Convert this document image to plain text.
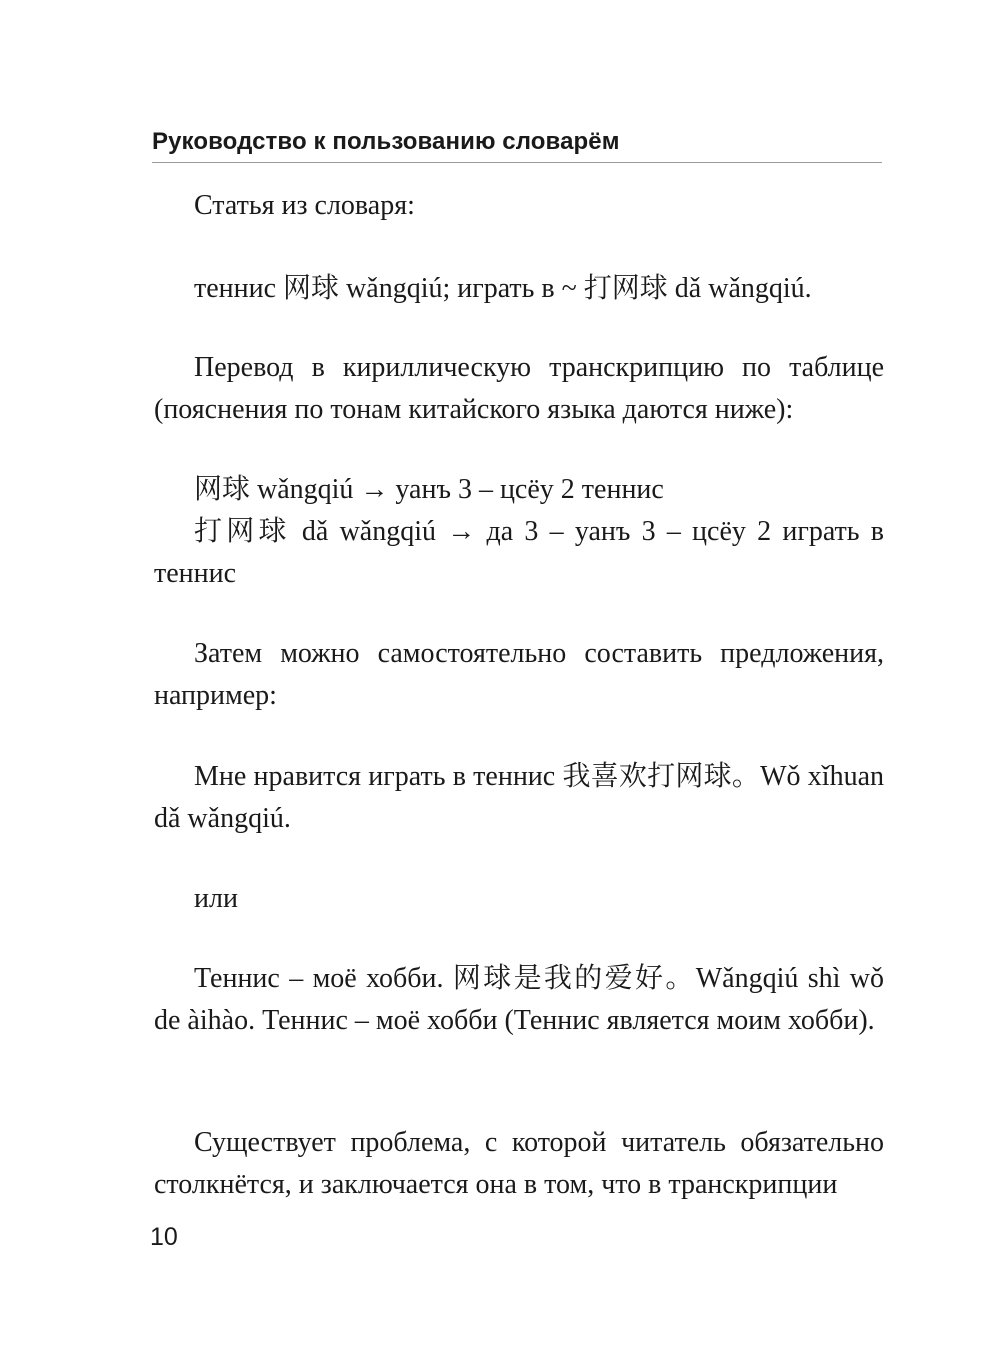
Руководство к пользованию словарём

Статья из словаря:

теннис 网球 wǎngqiú; играть в ~ 打网球 dǎ wǎngqiú.

Перевод в кириллическую транскрипцию по таблице (пояснения по тонам китайского языка даются ниже):

网球 wǎngqiú → уанъ 3 – цсёу 2 теннис

打网球 dǎ wǎngqiú → да 3 – уанъ 3 – цсёу 2 играть в теннис

Затем можно самостоятельно составить предложения, например:

Мне нравится играть в теннис 我喜欢打网球。Wǒ xǐhuan dǎ wǎngqiú.

или

Теннис – моё хобби. 网球是我的爱好。Wǎngqiú shì wǒ de àihào. Теннис – моё хобби (Теннис является моим хобби).

Существует проблема, с которой читатель обязательно столкнётся, и заключается она в том, что в транскрипции

10
